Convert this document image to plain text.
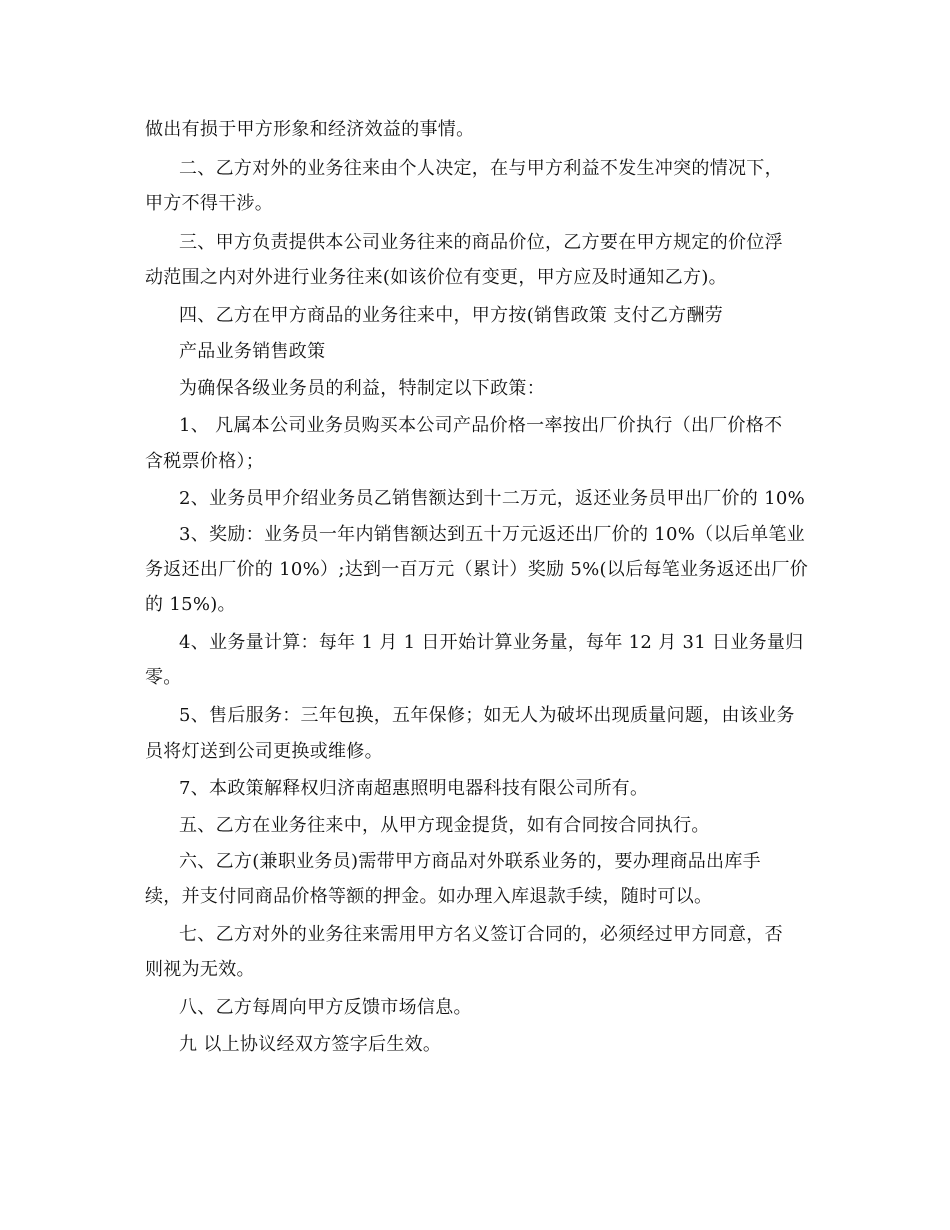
做出有损于甲方形象和经济效益的事情。
二、乙方对外的业务往来由个人决定，在与甲方利益不发生冲突的情况下，
甲方不得干涉。
三、甲方负责提供本公司业务往来的商品价位，乙方要在甲方规定的价位浮
动范围之内对外进行业务往来(如该价位有变更，甲方应及时通知乙方)。
四、乙方在甲方商品的业务往来中，甲方按(销售政策 支付乙方酬劳
产品业务销售政策
为确保各级业务员的利益，特制定以下政策：
1、 凡属本公司业务员购买本公司产品价格一率按出厂价执行（出厂价格不
含税票价格）；
2、业务员甲介绍业务员乙销售额达到十二万元，返还业务员甲出厂价的 10%
3、奖励：业务员一年内销售额达到五十万元返还出厂价的 10%（以后单笔业
务返还出厂价的 10%）;达到一百万元（累计）奖励 5%(以后每笔业务返还出厂价
的 15%)。
4、业务量计算：每年 1 月 1 日开始计算业务量，每年 12 月 31 日业务量归
零。
5、售后服务：三年包换，五年保修；如无人为破坏出现质量问题，由该业务
员将灯送到公司更换或维修。
7、本政策解释权归济南超惠照明电器科技有限公司所有。
五、乙方在业务往来中，从甲方现金提货，如有合同按合同执行。
六、乙方(兼职业务员)需带甲方商品对外联系业务的，要办理商品出库手
续，并支付同商品价格等额的押金。如办理入库退款手续，随时可以。
七、乙方对外的业务往来需用甲方名义签订合同的，必须经过甲方同意，否
则视为无效。
八、乙方每周向甲方反馈市场信息。
九 以上协议经双方签字后生效。
